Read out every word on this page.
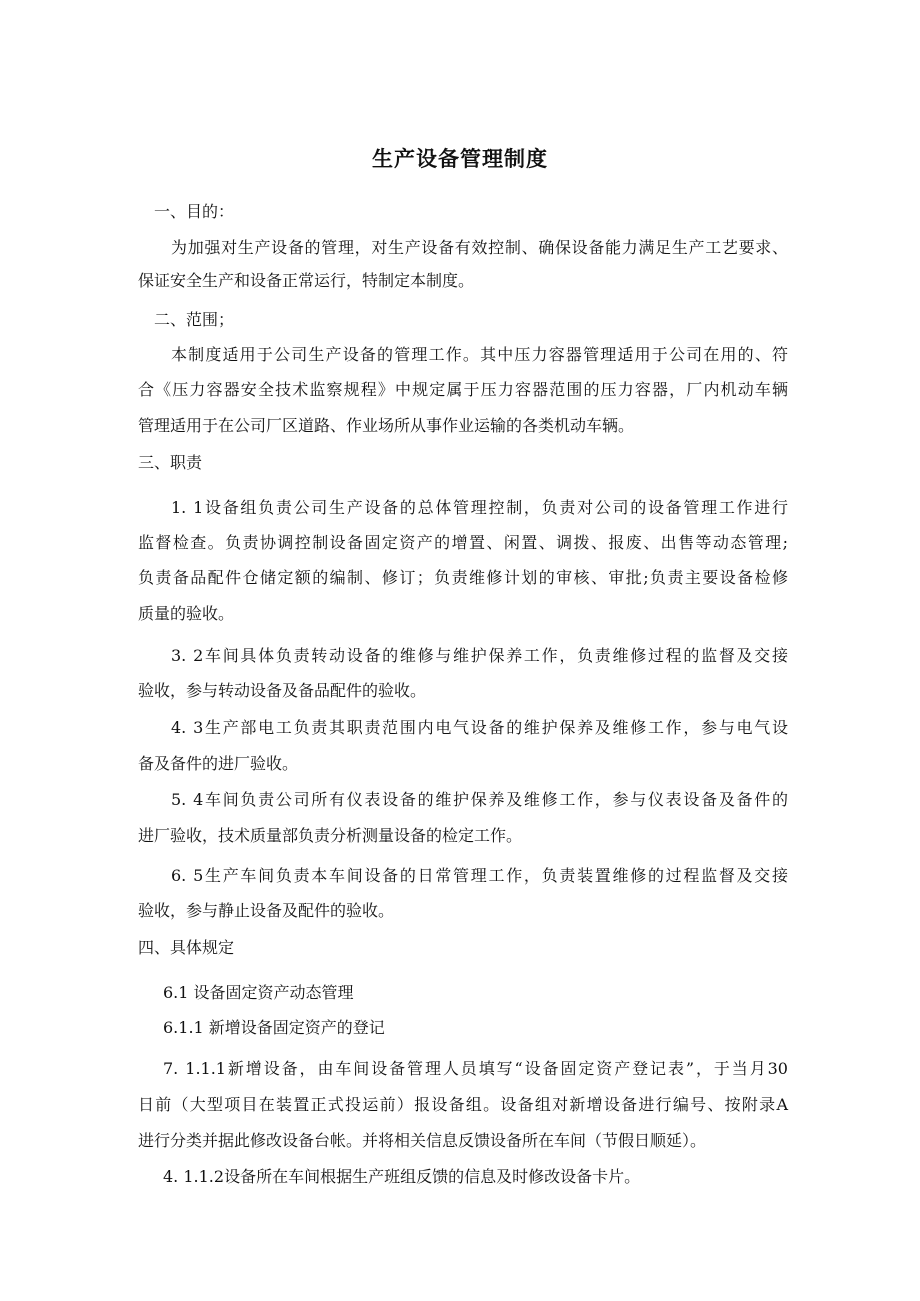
生产设备管理制度
一、目的：
为加强对生产设备的管理，对生产设备有效控制、确保设备能力满足生产工艺要求、
保证安全生产和设备正常运行，特制定本制度。
二、范围；
本制度适用于公司生产设备的管理工作。其中压力容器管理适用于公司在用的、符
合《压力容器安全技术监察规程》中规定属于压力容器范围的压力容器，厂内机动车辆
管理适用于在公司厂区道路、作业场所从事作业运输的各类机动车辆。
三、职责
1. 1设备组负责公司生产设备的总体管理控制，负责对公司的设备管理工作进行
监督检查。负责协调控制设备固定资产的增置、闲置、调拨、报废、出售等动态管理;
负责备品配件仓储定额的编制、修订；负责维修计划的审核、审批;负责主要设备检修
质量的验收。
3. 2车间具体负责转动设备的维修与维护保养工作，负责维修过程的监督及交接
验收，参与转动设备及备品配件的验收。
4. 3生产部电工负责其职责范围内电气设备的维护保养及维修工作，参与电气设
备及备件的进厂验收。
5. 4车间负责公司所有仪表设备的维护保养及维修工作，参与仪表设备及备件的
进厂验收，技术质量部负责分析测量设备的检定工作。
6. 5生产车间负责本车间设备的日常管理工作，负责装置维修的过程监督及交接
验收，参与静止设备及配件的验收。
四、具体规定
6.1 设备固定资产动态管理
6.1.1 新增设备固定资产的登记
7. 1.1.1新增设备，由车间设备管理人员填写“设备固定资产登记表”，于当月30
日前（大型项目在装置正式投运前）报设备组。设备组对新增设备进行编号、按附录A
进行分类并据此修改设备台帐。并将相关信息反馈设备所在车间（节假日顺延）。
4. 1.1.2设备所在车间根据生产班组反馈的信息及时修改设备卡片。
